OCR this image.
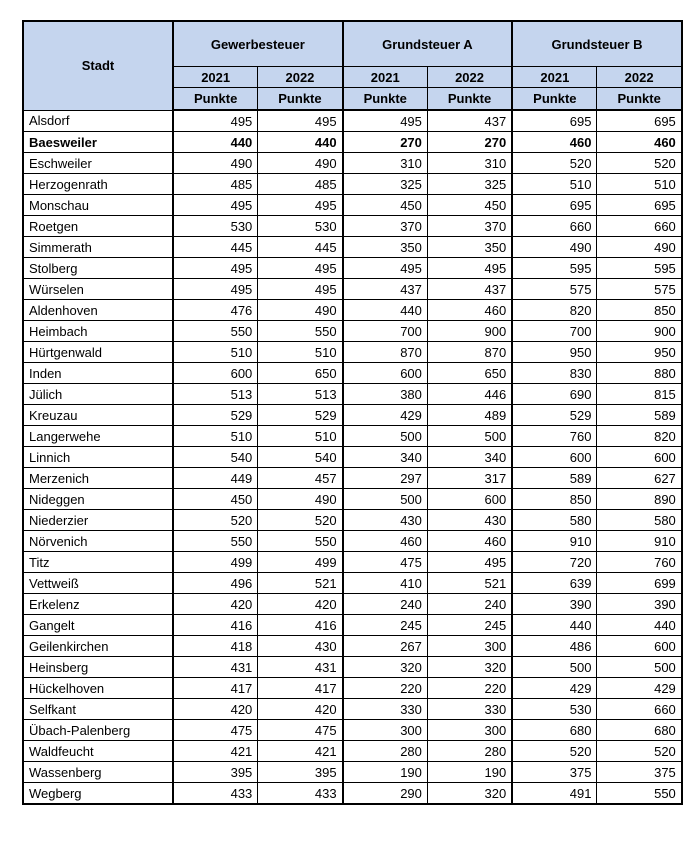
Stadt	Gewerbesteuer		Grundsteuer A		Grundsteuer B	
	2021	2022	2021	2022	2021	2022
	Punkte	Punkte	Punkte	Punkte	Punkte	Punkte
Alsdorf	495	495	495	437	695	695
Baesweiler	440	440	270	270	460	460
Eschweiler	490	490	310	310	520	520
Herzogenrath	485	485	325	325	510	510
Monschau	495	495	450	450	695	695
Roetgen	530	530	370	370	660	660
Simmerath	445	445	350	350	490	490
Stolberg	495	495	495	495	595	595
Würselen	495	495	437	437	575	575
Aldenhoven	476	490	440	460	820	850
Heimbach	550	550	700	900	700	900
Hürtgenwald	510	510	870	870	950	950
Inden	600	650	600	650	830	880
Jülich	513	513	380	446	690	815
Kreuzau	529	529	429	489	529	589
Langerwehe	510	510	500	500	760	820
Linnich	540	540	340	340	600	600
Merzenich	449	457	297	317	589	627
Nideggen	450	490	500	600	850	890
Niederzier	520	520	430	430	580	580
Nörvenich	550	550	460	460	910	910
Titz	499	499	475	495	720	760
Vettweiß	496	521	410	521	639	699
Erkelenz	420	420	240	240	390	390
Gangelt	416	416	245	245	440	440
Geilenkirchen	418	430	267	300	486	600
Heinsberg	431	431	320	320	500	500
Hückelhoven	417	417	220	220	429	429
Selfkant	420	420	330	330	530	660
Übach-Palenberg	475	475	300	300	680	680
Waldfeucht	421	421	280	280	520	520
Wassenberg	395	395	190	190	375	375
Wegberg	433	433	290	320	491	550
